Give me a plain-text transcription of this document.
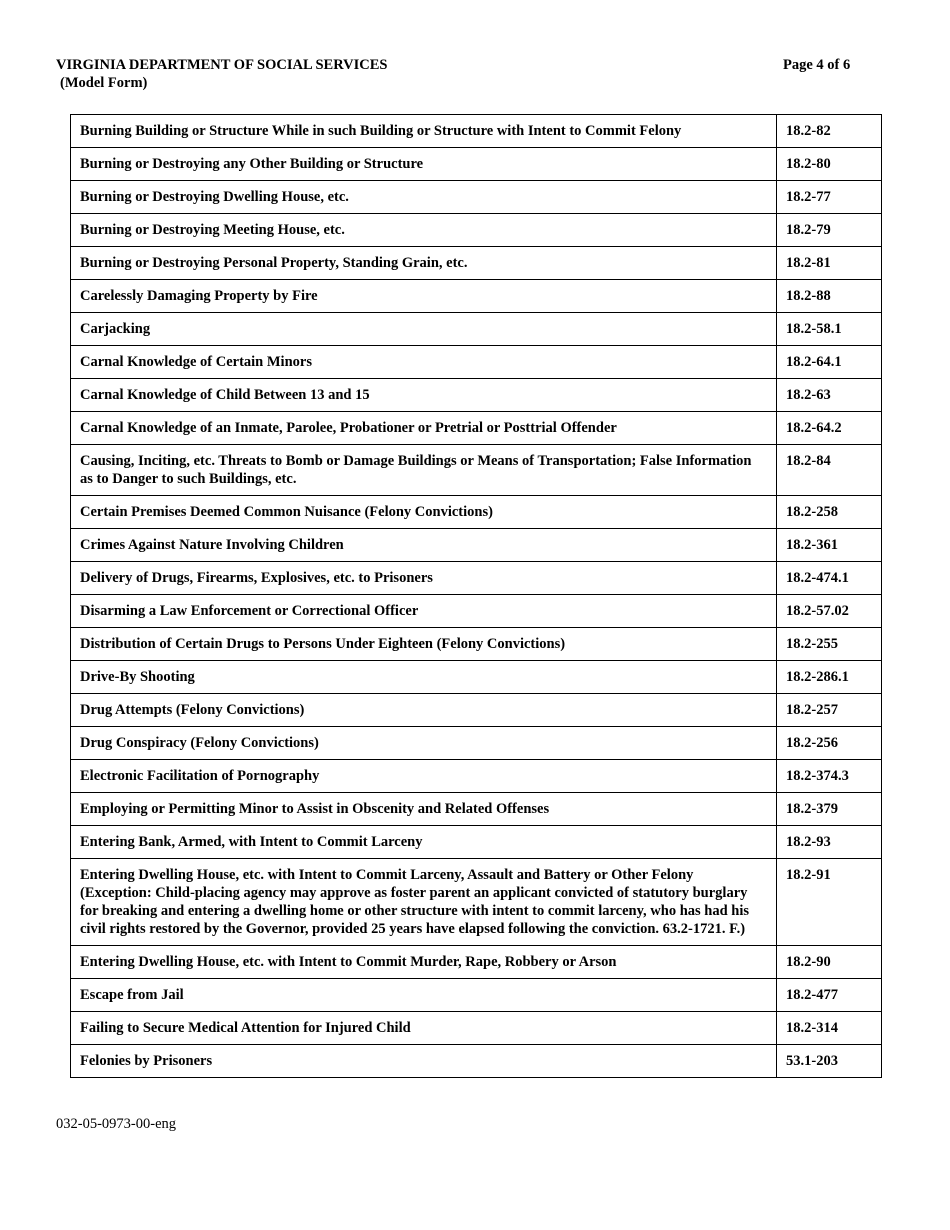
VIRGINIA DEPARTMENT OF SOCIAL SERVICES
(Model Form)
Page 4 of 6
Burning Building or Structure While in such Building or Structure with Intent to Commit Felony	18.2-82
Burning or Destroying any Other Building or Structure	18.2-80
Burning or Destroying Dwelling House, etc.	18.2-77
Burning or Destroying Meeting House, etc.	18.2-79
Burning or Destroying Personal Property, Standing Grain, etc.	18.2-81
Carelessly Damaging Property by Fire	18.2-88
Carjacking	18.2-58.1
Carnal Knowledge of Certain Minors	18.2-64.1
Carnal Knowledge of Child Between 13 and 15	18.2-63
Carnal Knowledge of an Inmate, Parolee, Probationer or Pretrial or Posttrial Offender	18.2-64.2
Causing, Inciting, etc. Threats to Bomb or Damage Buildings or Means of Transportation; False Information as to Danger to such Buildings, etc.	18.2-84
Certain Premises Deemed Common Nuisance (Felony Convictions)	18.2-258
Crimes Against Nature Involving Children	18.2-361
Delivery of Drugs, Firearms, Explosives, etc. to Prisoners	18.2-474.1
Disarming a Law Enforcement or Correctional Officer	18.2-57.02
Distribution of Certain Drugs to Persons Under Eighteen (Felony Convictions)	18.2-255
Drive-By Shooting	18.2-286.1
Drug Attempts (Felony Convictions)	18.2-257
Drug Conspiracy (Felony Convictions)	18.2-256
Electronic Facilitation of Pornography	18.2-374.3
Employing or Permitting Minor to Assist in Obscenity and Related Offenses	18.2-379
Entering Bank, Armed, with Intent to Commit Larceny	18.2-93
Entering Dwelling House, etc. with Intent to Commit Larceny, Assault and Battery or Other Felony (Exception: Child-placing agency may approve as foster parent an applicant convicted of statutory burglary for breaking and entering a dwelling home or other structure with intent to commit larceny, who has had his civil rights restored by the Governor, provided 25 years have elapsed following the conviction. 63.2-1721. F.)	18.2-91
Entering Dwelling House, etc. with Intent to Commit Murder, Rape, Robbery or Arson	18.2-90
Escape from Jail	18.2-477
Failing to Secure Medical Attention for Injured Child	18.2-314
Felonies by Prisoners	53.1-203
032-05-0973-00-eng
